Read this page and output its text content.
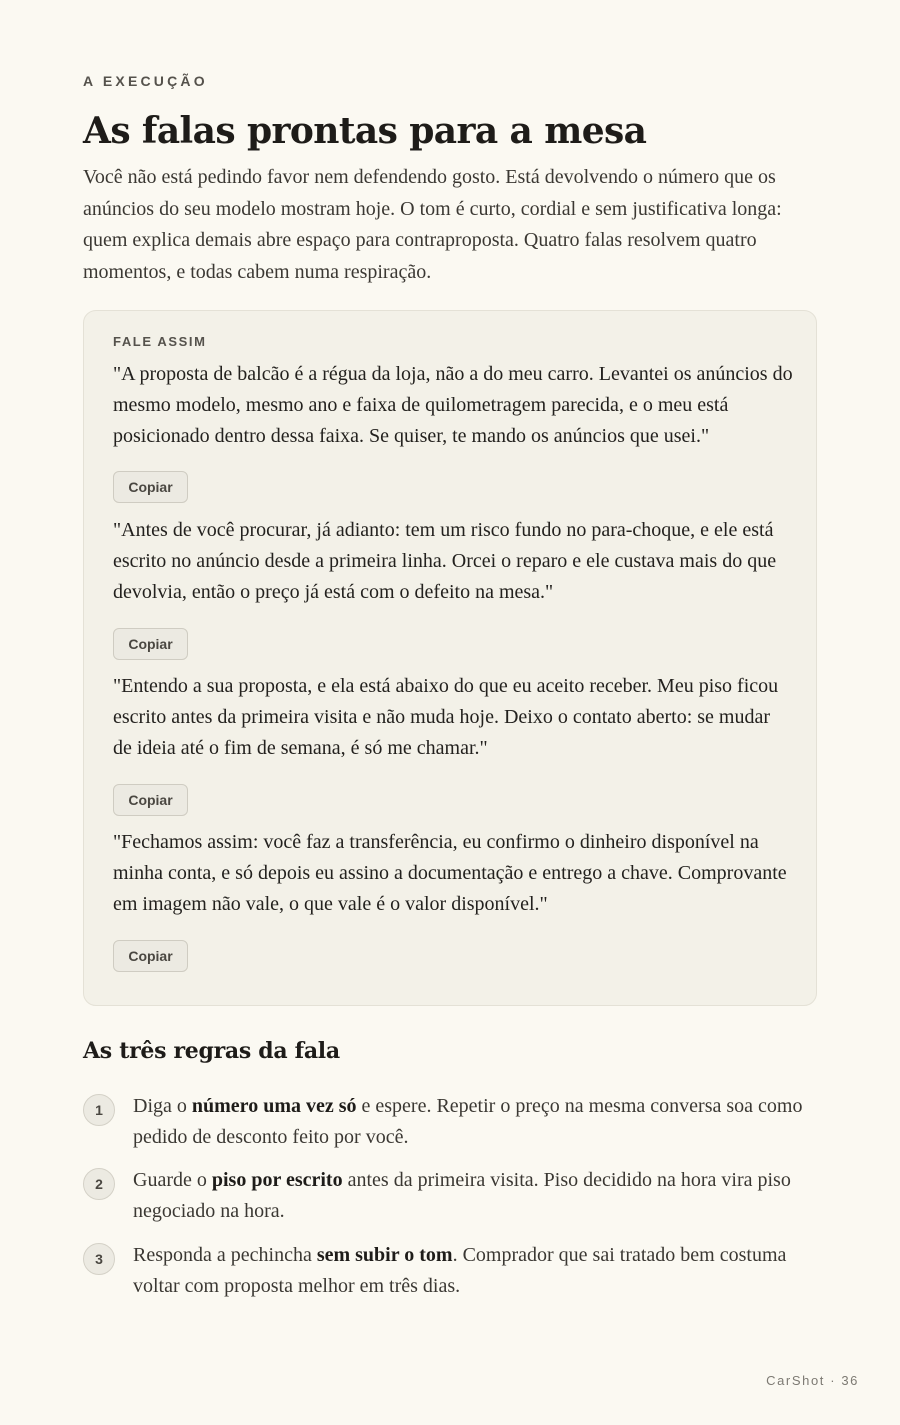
A EXECUÇÃO
As falas prontas para a mesa

Você não está pedindo favor nem defendendo gosto. Está devolvendo o número que os anúncios do seu modelo mostram hoje. O tom é curto, cordial e sem justificativa longa: quem explica demais abre espaço para contraproposta. Quatro falas resolvem quatro momentos, e todas cabem numa respiração.

FALE ASSIM

"A proposta de balcão é a régua da loja, não a do meu carro. Levantei os anúncios do mesmo modelo, mesmo ano e faixa de quilometragem parecida, e o meu está posicionado dentro dessa faixa. Se quiser, te mando os anúncios que usei."

Copiar

"Antes de você procurar, já adianto: tem um risco fundo no para-choque, e ele está escrito no anúncio desde a primeira linha. Orcei o reparo e ele custava mais do que devolvia, então o preço já está com o defeito na mesa."

Copiar

"Entendo a sua proposta, e ela está abaixo do que eu aceito receber. Meu piso ficou escrito antes da primeira visita e não muda hoje. Deixo o contato aberto: se mudar de ideia até o fim de semana, é só me chamar."

Copiar

"Fechamos assim: você faz a transferência, eu confirmo o dinheiro disponível na minha conta, e só depois eu assino a documentação e entrego a chave. Comprovante em imagem não vale, o que vale é o valor disponível."

Copiar
As três regras da fala
1	Diga o número uma vez só e espere. Repetir o preço na mesma conversa soa como pedido de desconto feito por você.

2	Guarde o piso por escrito antes da primeira visita. Piso decidido na hora vira piso negociado na hora.

3	Responda a pechincha sem subir o tom. Comprador que sai tratado bem costuma voltar com proposta melhor em três dias.

CarShot · 36
